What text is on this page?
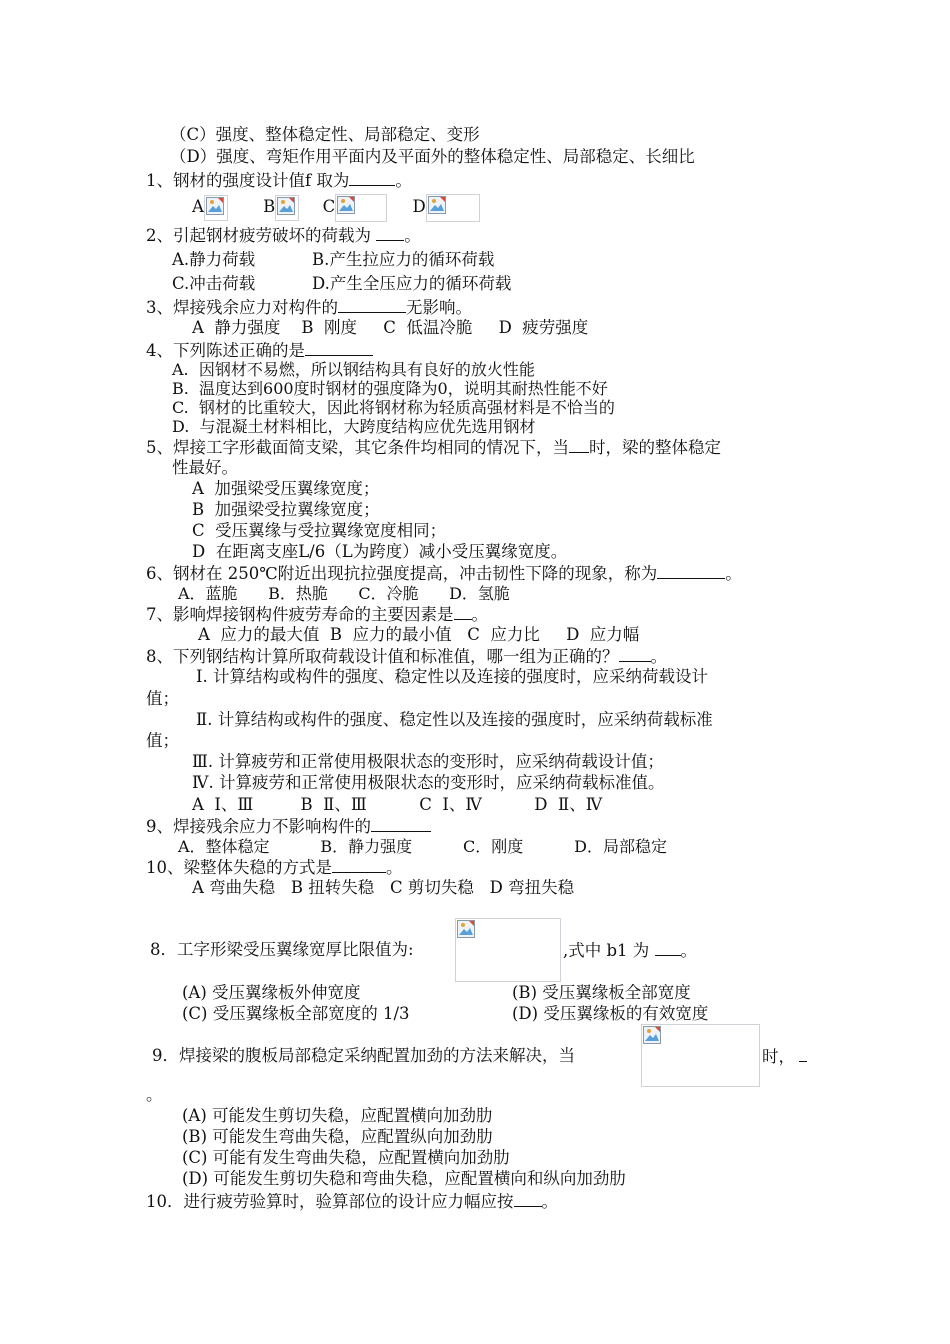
（C）强度、整体稳定性、局部稳定、变形
（D）强度、弯矩作用平面内及平面外的整体稳定性、局部稳定、长细比
1、钢材的强度设计值f 取为	。
A	B	C	D
2、引起钢材疲劳破坏的荷载为 。
A.静力荷载	B.产生拉应力的循环荷载
C.冲击荷载	D.产生全压应力的循环荷载
3、焊接残余应力对构件的	无影响。
A  静力强度    B  刚度     C  低温冷脆     D  疲劳强度
4、下列陈述正确的是
A.  因钢材不易燃，所以钢结构具有良好的放火性能
B.  温度达到600度时钢材的强度降为0，说明其耐热性能不好
C.  钢材的比重较大，因此将钢材称为轻质高强材料是不恰当的
D.  与混凝土材料相比，大跨度结构应优先选用钢材
5、焊接工字形截面简支梁，其它条件均相同的情况下，当 时，梁的整体稳定
性最好。
A  加强梁受压翼缘宽度；
B  加强梁受拉翼缘宽度；
C  受压翼缘与受拉翼缘宽度相同；
D  在距离支座L/6（L为跨度）减小受压翼缘宽度。
6、钢材在 250℃附近出现抗拉强度提高，冲击韧性下降的现象，称为	。
A．蓝脆      B．热脆      C．冷脆      D．氢脆
7、影响焊接钢构件疲劳寿命的主要因素是 。
A  应力的最大值  B  应力的最小值   C  应力比     D  应力幅
8、下列钢结构计算所取荷载设计值和标准值，哪一组为正确的？ 。
Ⅰ. 计算结构或构件的强度、稳定性以及连接的强度时，应采纳荷载设计
值；
Ⅱ. 计算结构或构件的强度、稳定性以及连接的强度时，应采纳荷载标准
值；
Ⅲ. 计算疲劳和正常使用极限状态的变形时，应采纳荷载设计值；
Ⅳ. 计算疲劳和正常使用极限状态的变形时，应采纳荷载标准值。
A  Ⅰ、Ⅲ         B  Ⅱ、Ⅲ          C  Ⅰ、Ⅳ          D  Ⅱ、Ⅳ
9、焊接残余应力不影响构件的
A．整体稳定          B．静力强度          C．刚度          D．局部稳定
10、梁整体失稳的方式是	。
A 弯曲失稳   B 扭转失稳   C 剪切失稳   D 弯扭失稳
8．工字形梁受压翼缘宽厚比限值为:	,式中 b1 为 。
(A) 受压翼缘板外伸宽度	(B) 受压翼缘板全部宽度
(C) 受压翼缘板全部宽度的 1/3	(D) 受压翼缘板的有效宽度
9．焊接梁的腹板局部稳定采纳配置加劲的方法来解决，当	时，
。
(A) 可能发生剪切失稳，应配置横向加劲肋
(B) 可能发生弯曲失稳，应配置纵向加劲肋
(C) 可能有发生弯曲失稳，应配置横向加劲肋
(D) 可能发生剪切失稳和弯曲失稳，应配置横向和纵向加劲肋
10．进行疲劳验算时，验算部位的设计应力幅应按 。
